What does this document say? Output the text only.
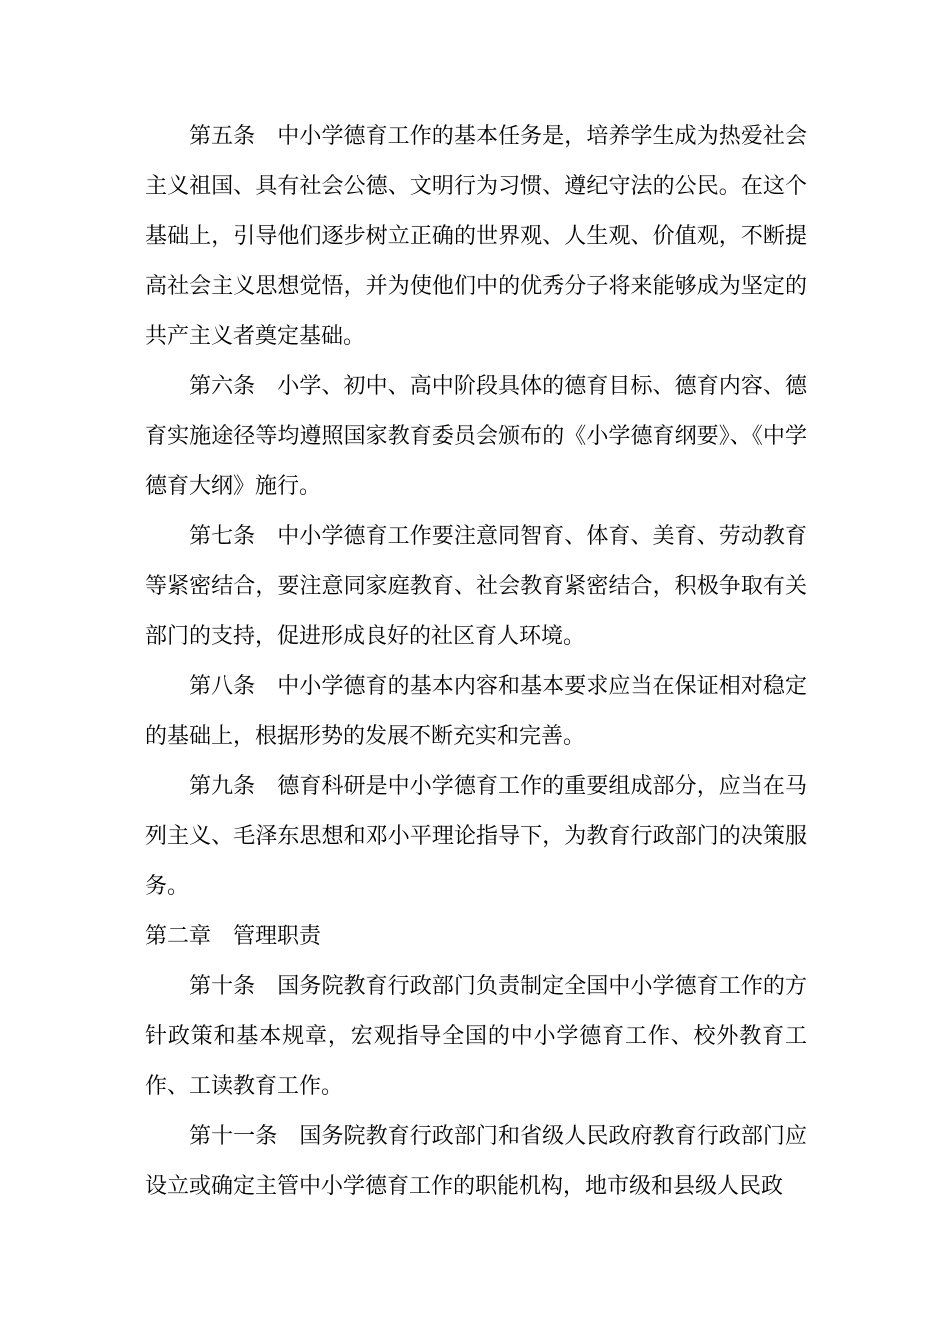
第五条　中小学德育工作的基本任务是，培养学生成为热爱社会主义祖国、具有社会公德、文明行为习惯、遵纪守法的公民。在这个基础上，引导他们逐步树立正确的世界观、人生观、价值观，不断提高社会主义思想觉悟，并为使他们中的优秀分子将来能够成为坚定的共产主义者奠定基础。

第六条　小学、初中、高中阶段具体的德育目标、德育内容、德育实施途径等均遵照国家教育委员会颁布的《小学德育纲要》、《中学德育大纲》施行。

第七条　中小学德育工作要注意同智育、体育、美育、劳动教育等紧密结合，要注意同家庭教育、社会教育紧密结合，积极争取有关部门的支持，促进形成良好的社区育人环境。

第八条　中小学德育的基本内容和基本要求应当在保证相对稳定的基础上，根据形势的发展不断充实和完善。

第九条　德育科研是中小学德育工作的重要组成部分，应当在马列主义、毛泽东思想和邓小平理论指导下，为教育行政部门的决策服务。

第二章　管理职责

第十条　国务院教育行政部门负责制定全国中小学德育工作的方针政策和基本规章，宏观指导全国的中小学德育工作、校外教育工作、工读教育工作。

第十一条　国务院教育行政部门和省级人民政府教育行政部门应设立或确定主管中小学德育工作的职能机构，地市级和县级人民政
